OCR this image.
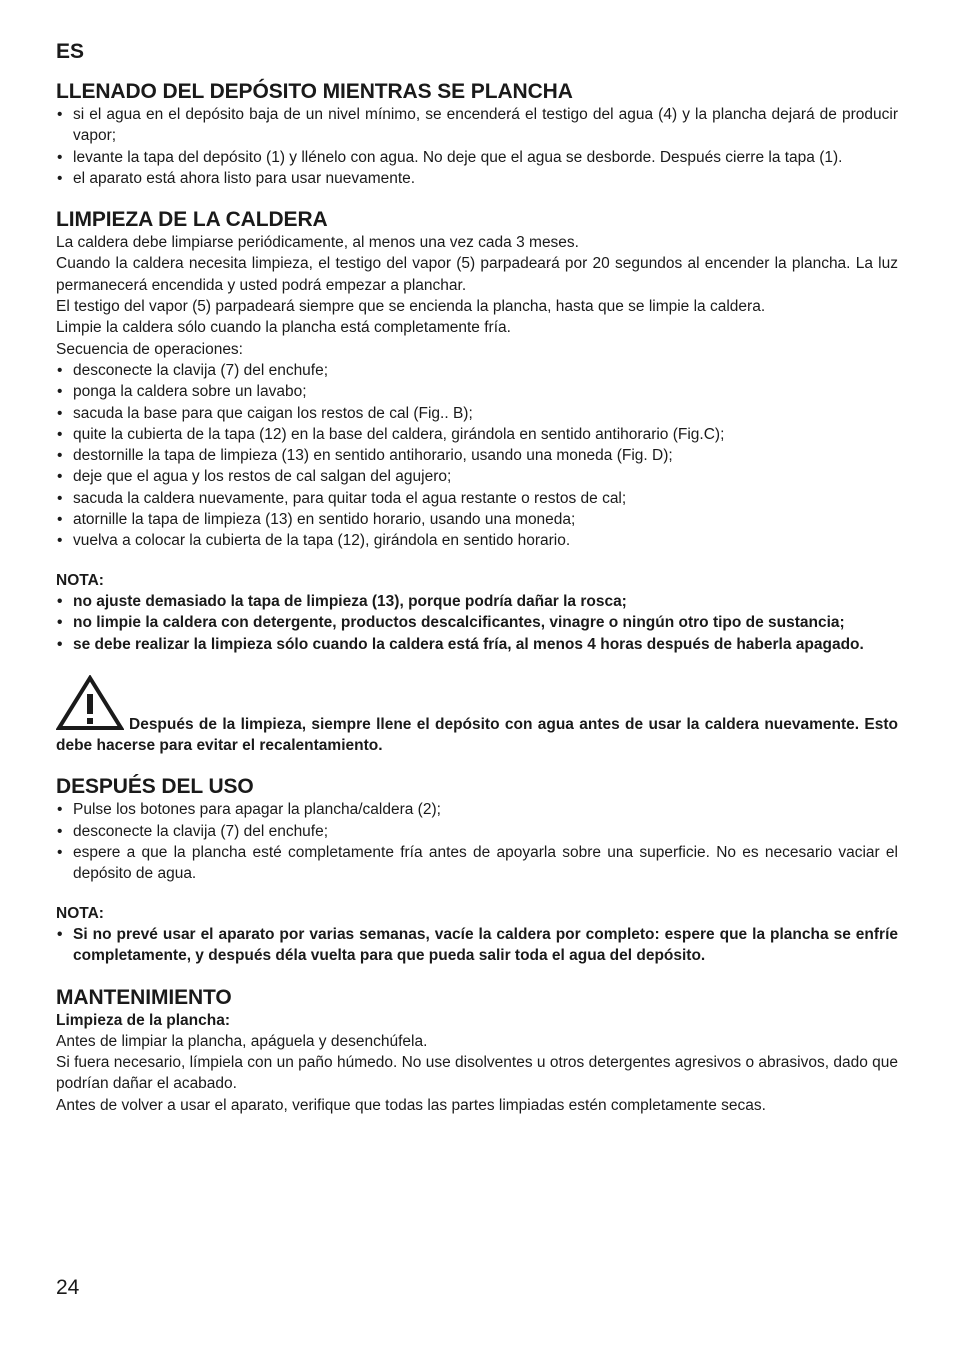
ES
LLENADO DEL DEPÓSITO MIENTRAS SE PLANCHA
• si el agua en el depósito baja de un nivel mínimo, se encenderá el testigo del agua (4) y la plancha dejará de producir vapor;
• levante la tapa del depósito (1) y llénelo con agua. No deje que el agua se desborde. Después cierre la tapa (1).
• el aparato está ahora listo para usar nuevamente.
LIMPIEZA DE LA CALDERA

La caldera debe limpiarse periódicamente, al menos una vez cada 3 meses.

Cuando la caldera necesita limpieza, el testigo del vapor (5) parpadeará por 20 segundos al encender la plancha. La luz permanecerá encendida y usted podrá empezar a planchar.

El testigo del vapor (5) parpadeará siempre que se encienda la plancha, hasta que se limpie la caldera.

Limpie la caldera sólo cuando la plancha está completamente fría.

Secuencia de operaciones:

• desconecte la clavija (7) del enchufe;
• ponga la caldera sobre un lavabo;
• sacuda la base para que caigan los restos de cal (Fig.. B);
• quite la cubierta de la tapa (12) en la base del caldera, girándola en sentido antihorario (Fig.C);
• destornille la tapa de limpieza (13) en sentido antihorario, usando una moneda (Fig. D);
• deje que el agua y los restos de cal salgan del agujero;
• sacuda la caldera nuevamente, para quitar toda el agua restante o restos de cal;
• atornille la tapa de limpieza (13) en sentido horario, usando una moneda;
• vuelva a colocar la cubierta de la tapa (12), girándola en sentido horario.

NOTA:

• no ajuste demasiado la tapa de limpieza (13), porque podría dañar la rosca;
• no limpie la caldera con detergente, productos descalcificantes, vinagre o ningún otro tipo de sustancia;
• se debe realizar la limpieza sólo cuando la caldera está fría, al menos 4 horas después de haberla apagado.

Después de la limpieza, siempre llene el depósito con agua antes de usar la caldera nuevamente. Esto debe hacerse para evitar el recalentamiento.

DESPUÉS DEL USO
• Pulse los botones para apagar la plancha/caldera (2);
• desconecte la clavija (7) del enchufe;
• espere a que la plancha esté completamente fría antes de apoyarla sobre una superficie. No es necesario vaciar el depósito de agua.

NOTA:

• Si no prevé usar el aparato por varias semanas, vacíe la caldera por completo: espere que la plancha se enfríe completamente, y después déla vuelta para que pueda salir toda el agua del depósito.
MANTENIMIENTO

Limpieza de la plancha:

Antes de limpiar la plancha, apáguela y desenchúfela.

Si fuera necesario, límpiela con un paño húmedo. No use disolventes u otros detergentes agresivos o abrasivos, dado que podrían dañar el acabado.

Antes de volver a usar el aparato, verifique que todas las partes limpiadas estén completamente secas.

24
